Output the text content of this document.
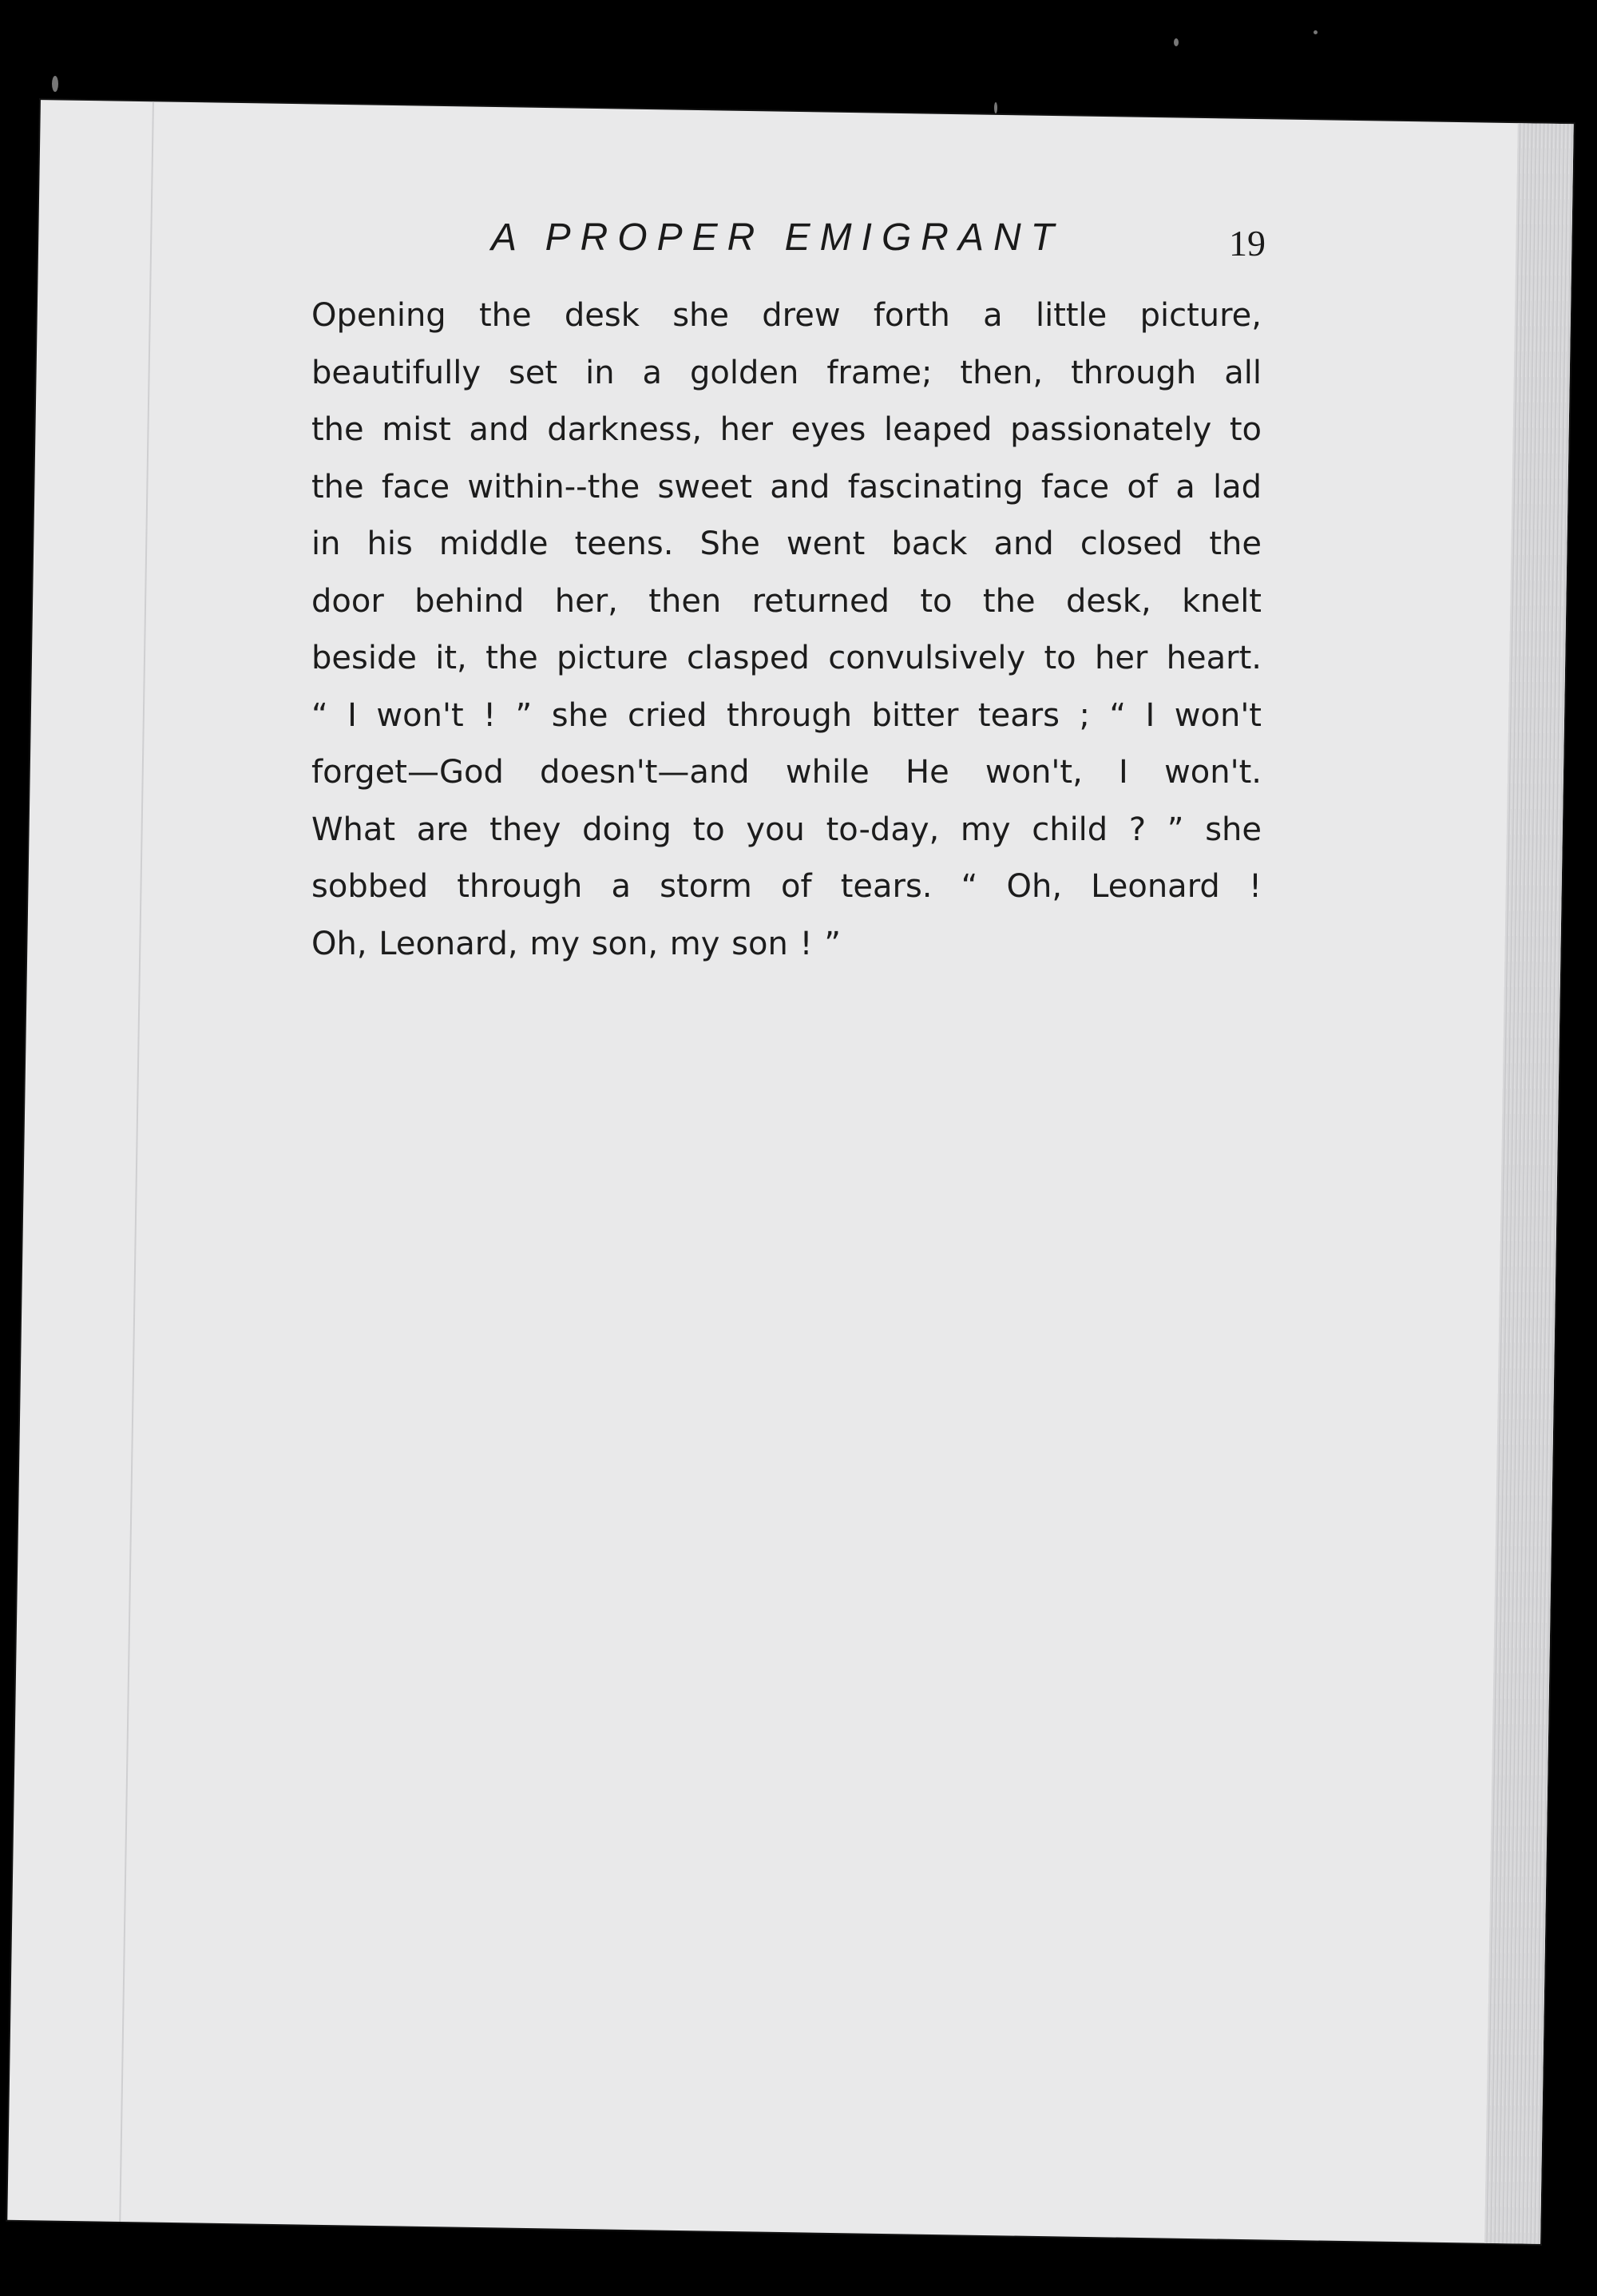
A PROPER EMIGRANT	19
Opening the desk she drew forth a little picture,
beautifully set in a golden frame; then, through all
the mist and darkness, her eyes leaped passionately to
the face within--the sweet and fascinating face of a lad
in his middle teens. She went back and closed the
door behind her, then returned to the desk, knelt
beside it, the picture clasped convulsively to her heart.
“ I won't ! ” she cried through bitter tears ; “ I won't
forget—God doesn't—and while He won't, I won't.
What are they doing to you to-day, my child ? ” she
sobbed through a storm of tears. “ Oh, Leonard !
Oh, Leonard, my son, my son ! ”
